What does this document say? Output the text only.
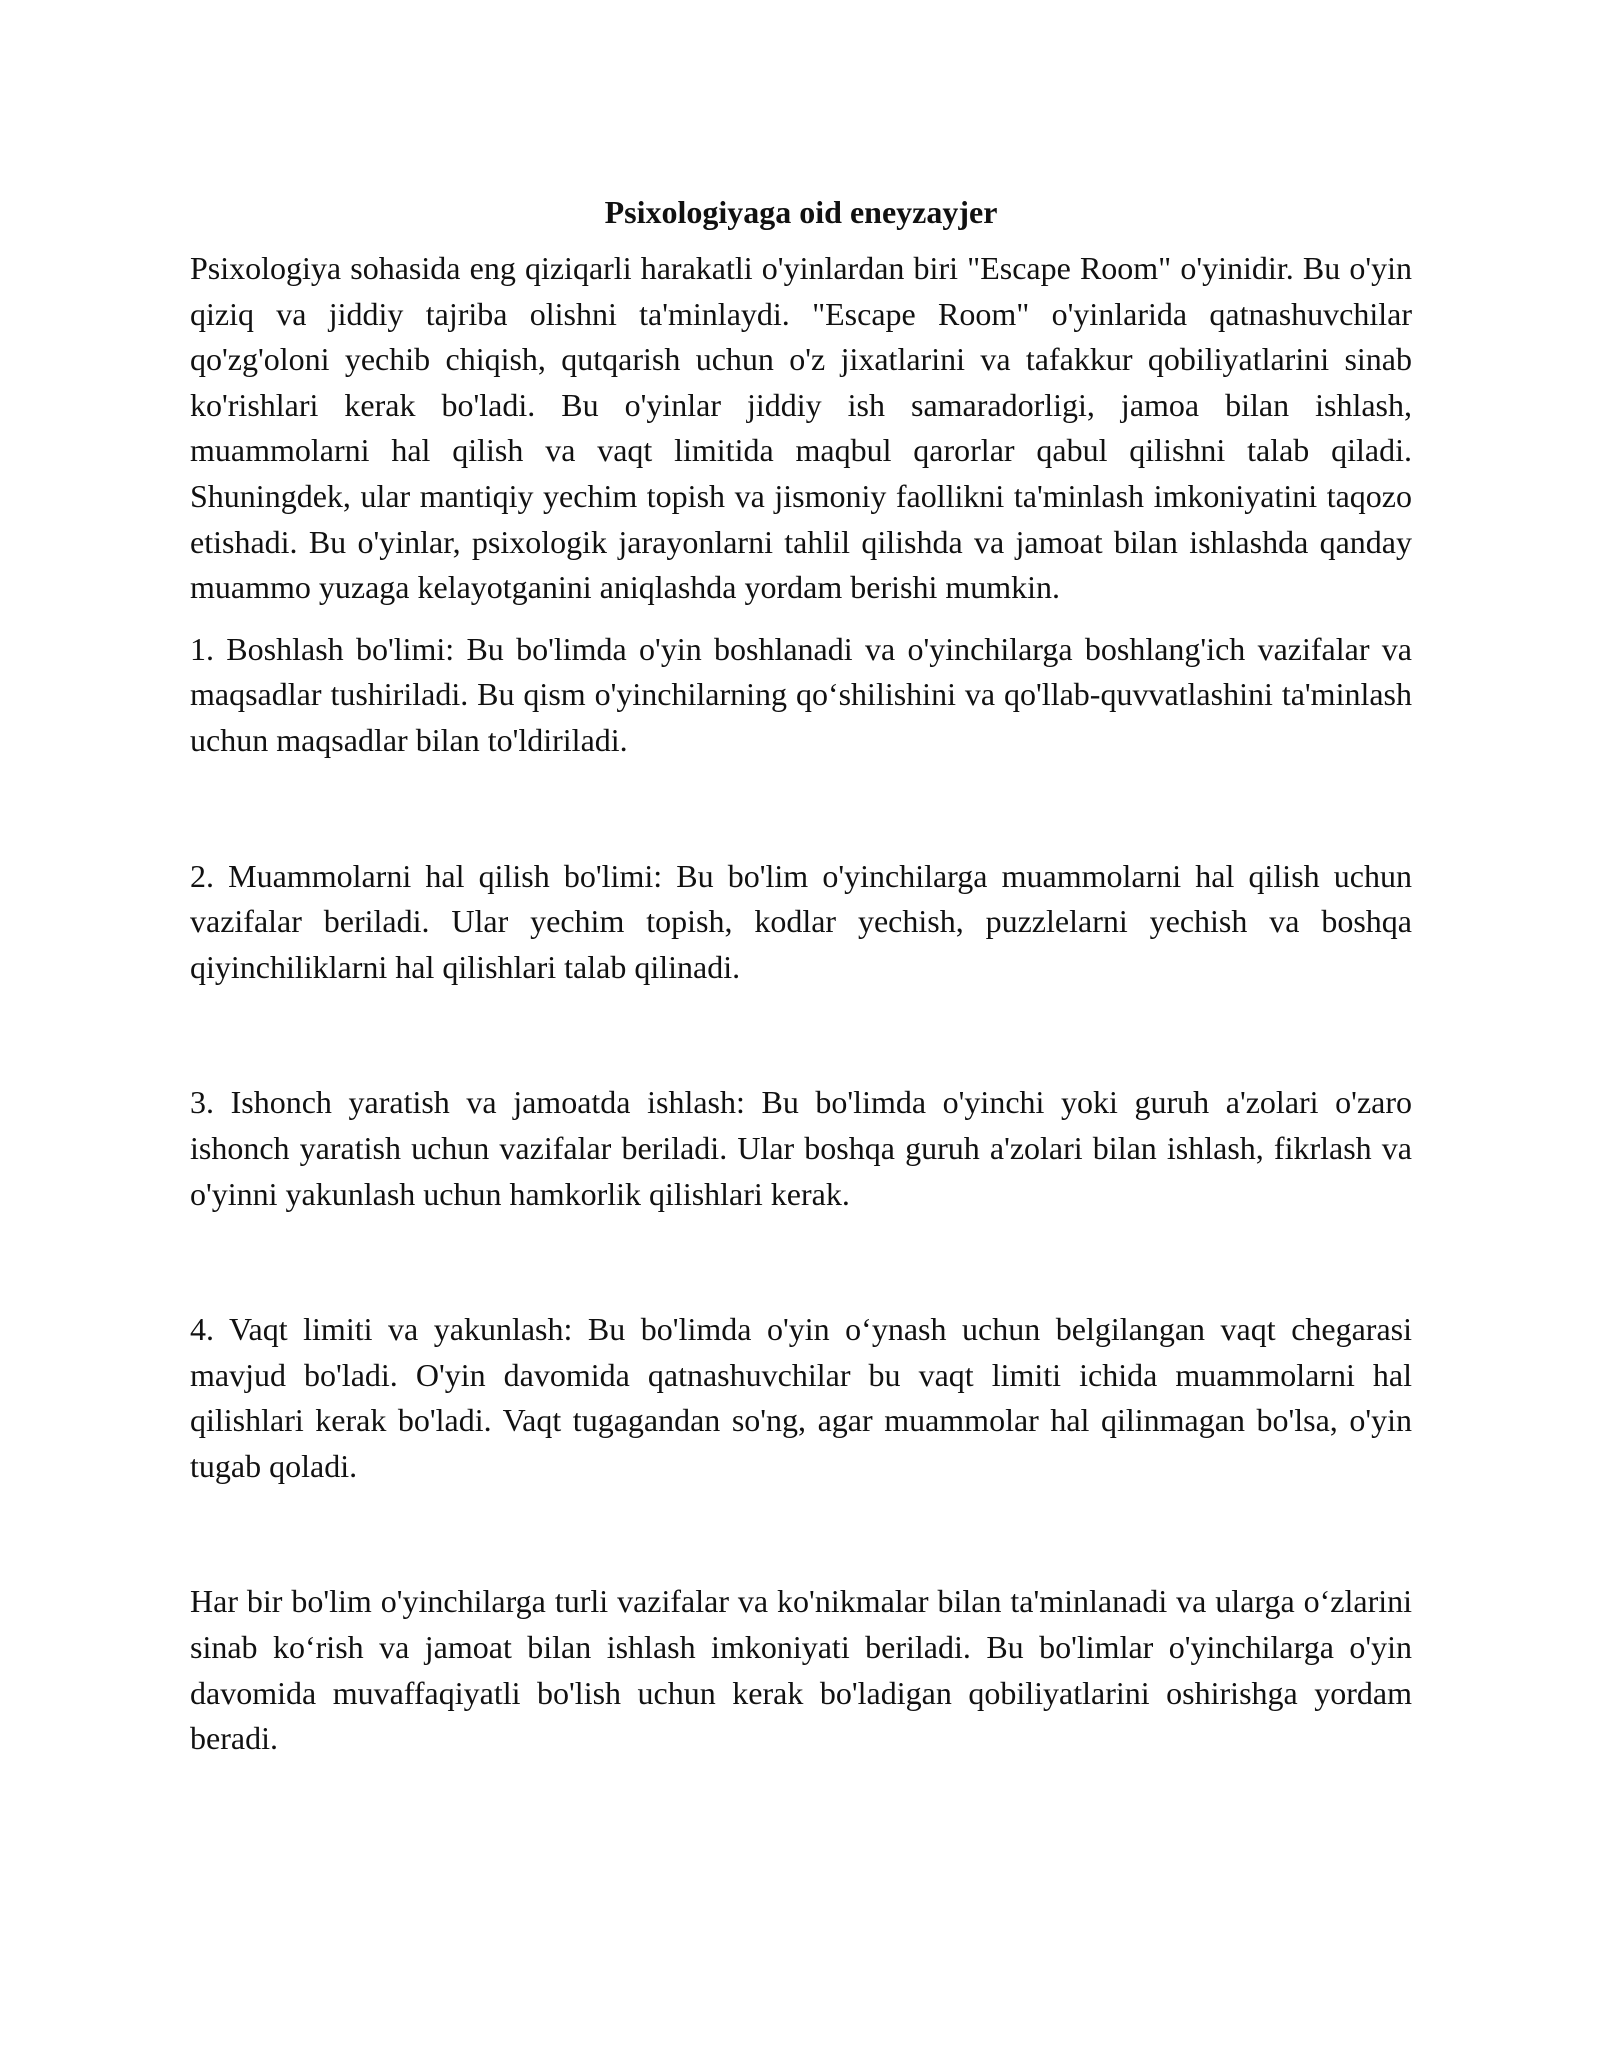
Psixologiyaga oid eneyzayjer

Psixologiya sohasida eng qiziqarli harakatli o'yinlardan biri "Escape Room" o'yinidir. Bu o'yin qiziq va jiddiy tajriba olishni ta'minlaydi. "Escape Room" o'yinlarida qatnashuvchilar qo'zg'oloni yechib chiqish, qutqarish uchun o'z jixatlarini va tafakkur qobiliyatlarini sinab ko'rishlari kerak bo'ladi. Bu o'yinlar jiddiy ish samaradorligi, jamoa bilan ishlash, muammolarni hal qilish va vaqt limitida maqbul qarorlar qabul qilishni talab qiladi. Shuningdek, ular mantiqiy yechim topish va jismoniy faollikni ta'minlash imkoniyatini taqozo etishadi. Bu o'yinlar, psixologik jarayonlarni tahlil qilishda va jamoat bilan ishlashda qanday muammo yuzaga kelayotganini aniqlashda yordam berishi mumkin.

1. Boshlash bo'limi: Bu bo'limda o'yin boshlanadi va o'yinchilarga boshlang'ich vazifalar va maqsadlar tushiriladi. Bu qism o'yinchilarning qo‘shilishini va qo'llab-quvvatlashini ta'minlash uchun maqsadlar bilan to'ldiriladi.

2. Muammolarni hal qilish bo'limi: Bu bo'lim o'yinchilarga muammolarni hal qilish uchun vazifalar beriladi. Ular yechim topish, kodlar yechish, puzzlelarni yechish va boshqa qiyinchiliklarni hal qilishlari talab qilinadi.

3. Ishonch yaratish va jamoatda ishlash: Bu bo'limda o'yinchi yoki guruh a'zolari o'zaro ishonch yaratish uchun vazifalar beriladi. Ular boshqa guruh a'zolari bilan ishlash, fikrlash va o'yinni yakunlash uchun hamkorlik qilishlari kerak.

4. Vaqt limiti va yakunlash: Bu bo'limda o'yin o‘ynash uchun belgilangan vaqt chegarasi mavjud bo'ladi. O'yin davomida qatnashuvchilar bu vaqt limiti ichida muammolarni hal qilishlari kerak bo'ladi. Vaqt tugagandan so'ng, agar muammolar hal qilinmagan bo'lsa, o'yin tugab qoladi.

Har bir bo'lim o'yinchilarga turli vazifalar va ko'nikmalar bilan ta'minlanadi va ularga o‘zlarini sinab ko‘rish va jamoat bilan ishlash imkoniyati beriladi. Bu bo'limlar o'yinchilarga o'yin davomida muvaffaqiyatli bo'lish uchun kerak bo'ladigan qobiliyatlarini oshirishga yordam beradi.
